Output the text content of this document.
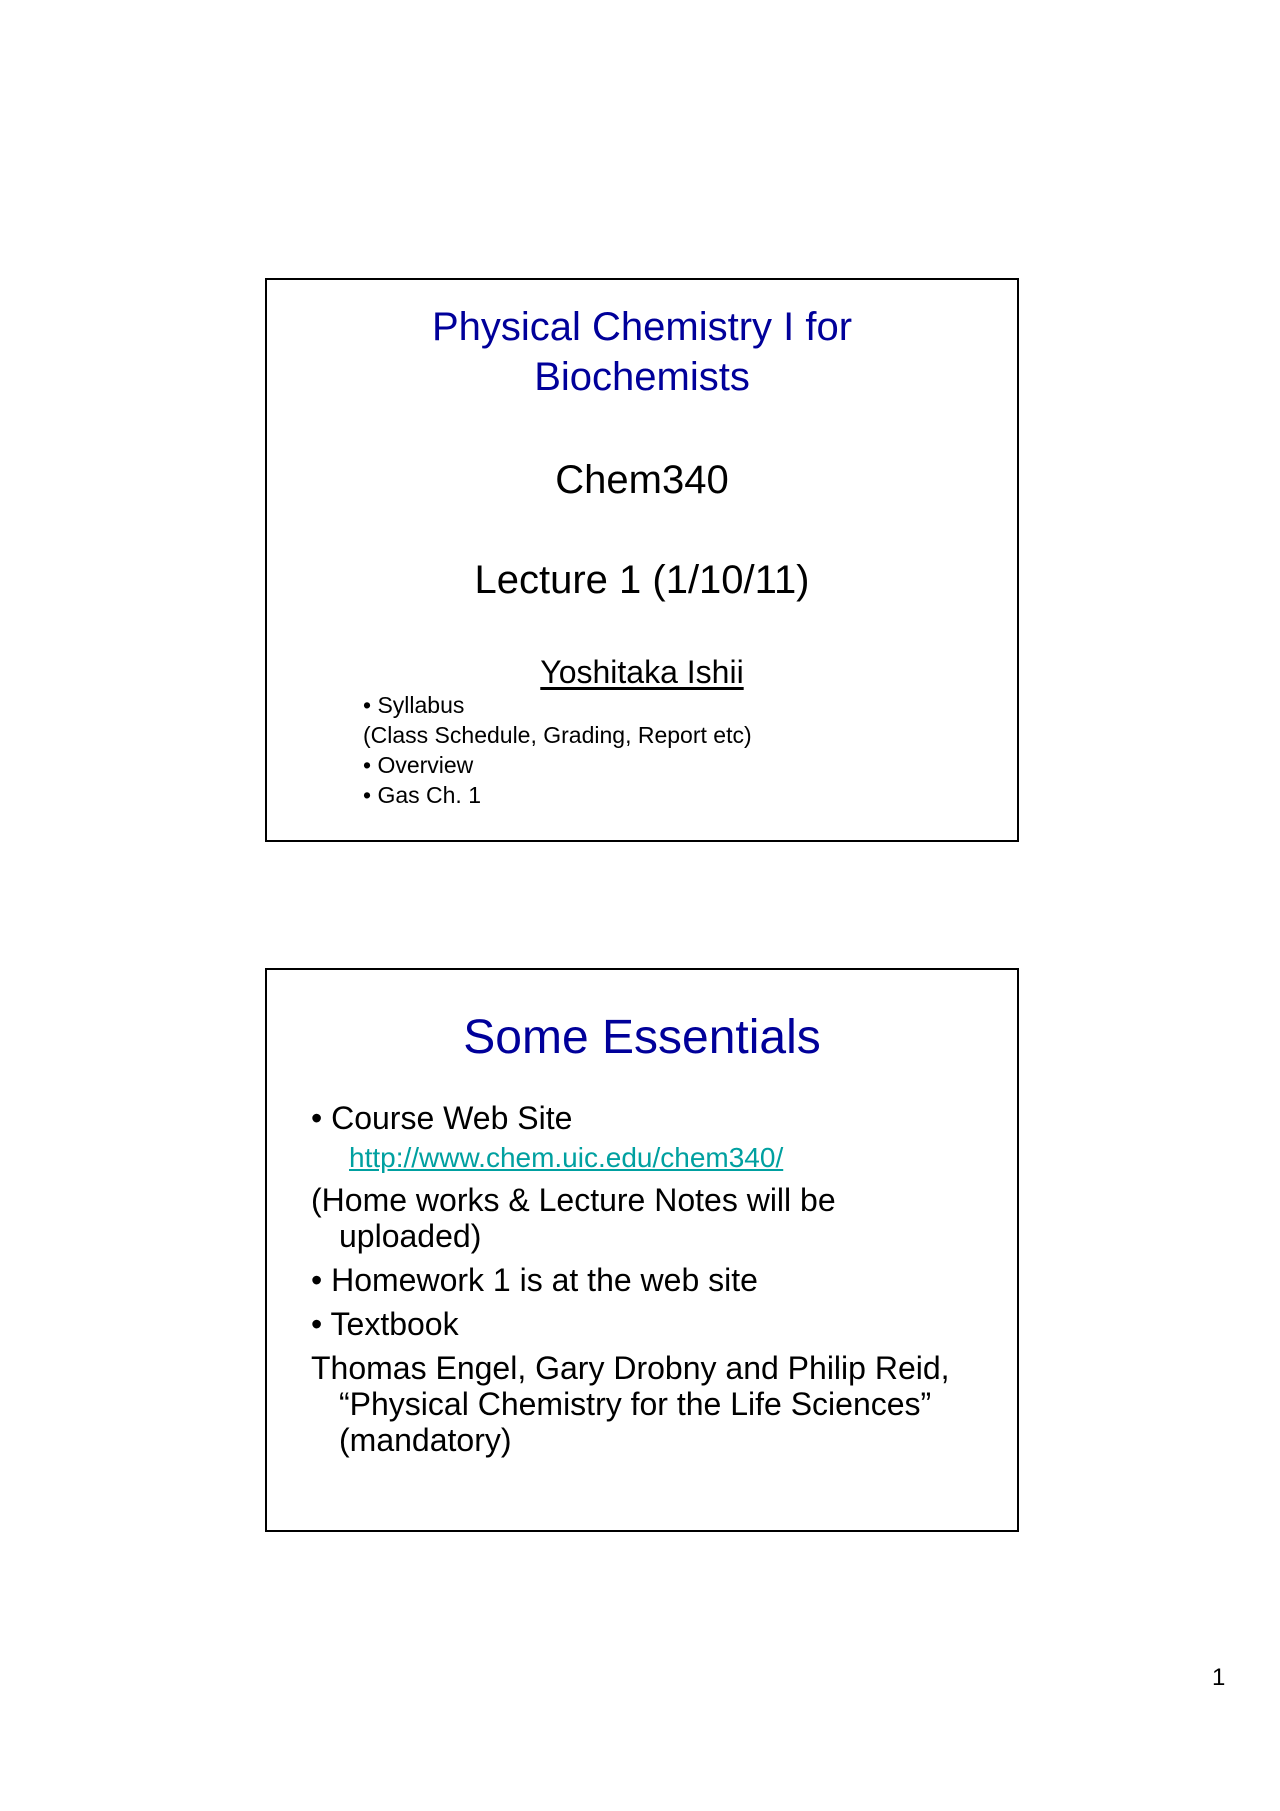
Physical Chemistry I for
Biochemists
Chem340
Lecture 1 (1/10/11)
Yoshitaka Ishii
• Syllabus
(Class Schedule, Grading, Report etc)
• Overview
• Gas Ch. 1
Some Essentials
• Course Web Site
http://www.chem.uic.edu/chem340/
(Home works & Lecture Notes will be
uploaded)
• Homework 1 is at the web site
• Textbook
Thomas Engel, Gary Drobny and Philip Reid,
“Physical Chemistry for the Life Sciences”
(mandatory)
1
